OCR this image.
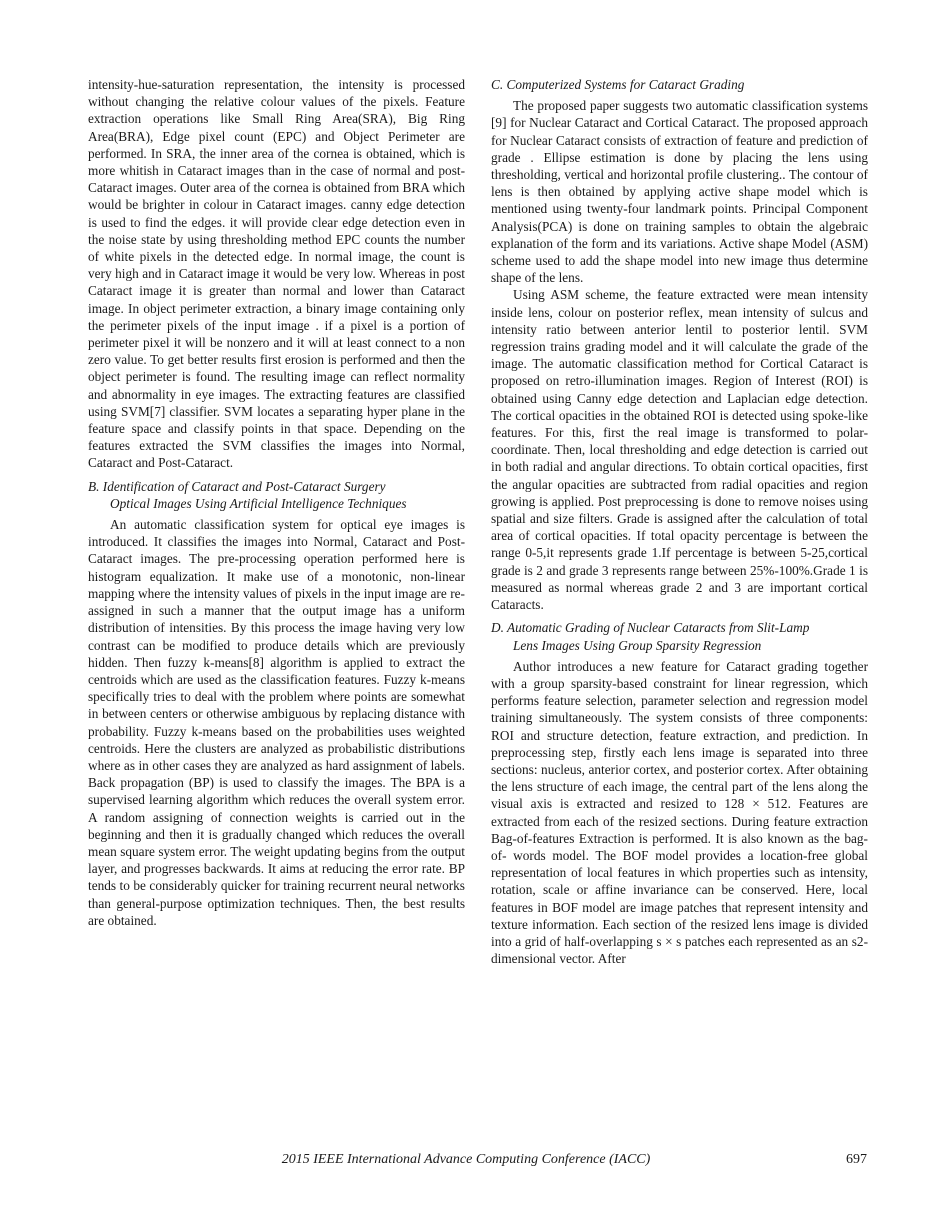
intensity-hue-saturation representation, the intensity is processed without changing the relative colour values of the pixels. Feature extraction operations like Small Ring Area(SRA), Big Ring Area(BRA), Edge pixel count (EPC) and Object Perimeter are performed. In SRA, the inner area of the cornea is obtained, which is more whitish in Cataract images than in the case of normal and post-Cataract images. Outer area of the cornea is obtained from BRA which would be brighter in colour in Cataract images. canny edge detection is used to find the edges. it will provide clear edge detection even in the noise state by using thresholding method EPC counts the number of white pixels in the detected edge. In normal image, the count is very high and in Cataract image it would be very low. Whereas in post Cataract image it is greater than normal and lower than Cataract image. In object perimeter extraction, a binary image containing only the perimeter pixels of the input image . if a pixel is a portion of perimeter pixel it will be nonzero and it will at least connect to a non zero value. To get better results first erosion is performed and then the object perimeter is found. The resulting image can reflect normality and abnormality in eye images. The extracting features are classified using SVM[7] classifier. SVM locates a separating hyper plane in the feature space and classify points in that space. Depending on the features extracted the SVM classifies the images into Normal, Cataract and Post-Cataract.

B. Identification of Cataract and Post-Cataract Surgery
Optical Images Using Artificial Intelligence Techniques

An automatic classification system for optical eye images is introduced. It classifies the images into Normal, Cataract and Post-Cataract images. The pre-processing operation performed here is histogram equalization. It make use of a monotonic, non-linear mapping where the intensity values of pixels in the input image are re-assigned in such a manner that the output image has a uniform distribution of intensities. By this process the image having very low contrast can be modified to produce details which are previously hidden. Then fuzzy k-means[8] algorithm is applied to extract the centroids which are used as the classification features. Fuzzy k-means specifically tries to deal with the problem where points are somewhat in between centers or otherwise ambiguous by replacing distance with probability. Fuzzy k-means based on the probabilities uses weighted centroids. Here the clusters are analyzed as probabilistic distributions where as in other cases they are analyzed as hard assignment of labels. Back propagation (BP) is used to classify the images. The BPA is a supervised learning algorithm which reduces the overall system error. A random assigning of connection weights is carried out in the beginning and then it is gradually changed which reduces the overall mean square system error. The weight updating begins from the output layer, and progresses backwards. It aims at reducing the error rate. BP tends to be considerably quicker for training recurrent neural networks than general-purpose optimization techniques. Then, the best results are obtained.

C. Computerized Systems for Cataract Grading

The proposed paper suggests two automatic classification systems [9] for Nuclear Cataract and Cortical Cataract. The proposed approach for Nuclear Cataract consists of extraction of feature and prediction of grade . Ellipse estimation is done by placing the lens using thresholding, vertical and horizontal profile clustering.. The contour of lens is then obtained by applying active shape model which is mentioned using twenty-four landmark points. Principal Component Analysis(PCA) is done on training samples to obtain the algebraic explanation of the form and its variations. Active shape Model (ASM) scheme used to add the shape model into new image thus determine shape of the lens.

Using ASM scheme, the feature extracted were mean intensity inside lens, colour on posterior reflex, mean intensity of sulcus and intensity ratio between anterior lentil to posterior lentil. SVM regression trains grading model and it will calculate the grade of the image. The automatic classification method for Cortical Cataract is proposed on retro-illumination images. Region of Interest (ROI) is obtained using Canny edge detection and Laplacian edge detection. The cortical opacities in the obtained ROI is detected using spoke-like features. For this, first the real image is transformed to polar-coordinate. Then, local thresholding and edge detection is carried out in both radial and angular directions. To obtain cortical opacities, first the angular opacities are subtracted from radial opacities and region growing is applied. Post preprocessing is done to remove noises using spatial and size filters. Grade is assigned after the calculation of total area of cortical opacities. If total opacity percentage is between the range 0-5,it represents grade 1.If percentage is between 5-25,cortical grade is 2 and grade 3 represents range between 25%-100%.Grade 1 is measured as normal whereas grade 2 and 3 are important cortical Cataracts.

D. Automatic Grading of Nuclear Cataracts from Slit-Lamp
Lens Images Using Group Sparsity Regression

Author introduces a new feature for Cataract grading together with a group sparsity-based constraint for linear regression, which performs feature selection, parameter selection and regression model training simultaneously. The system consists of three components: ROI and structure detection, feature extraction, and prediction. In preprocessing step, firstly each lens image is separated into three sections: nucleus, anterior cortex, and posterior cortex. After obtaining the lens structure of each image, the central part of the lens along the visual axis is extracted and resized to 128 × 512. Features are extracted from each of the resized sections. During feature extraction Bag-of-features Extraction is performed. It is also known as the bag-of- words model. The BOF model provides a location-free global representation of local features in which properties such as intensity, rotation, scale or affine invariance can be conserved. Here, local features in BOF model are image patches that represent intensity and texture information. Each section of the resized lens image is divided into a grid of half-overlapping s × s patches each represented as an s2-dimensional vector. After

2015 IEEE International Advance Computing Conference (IACC)	697
